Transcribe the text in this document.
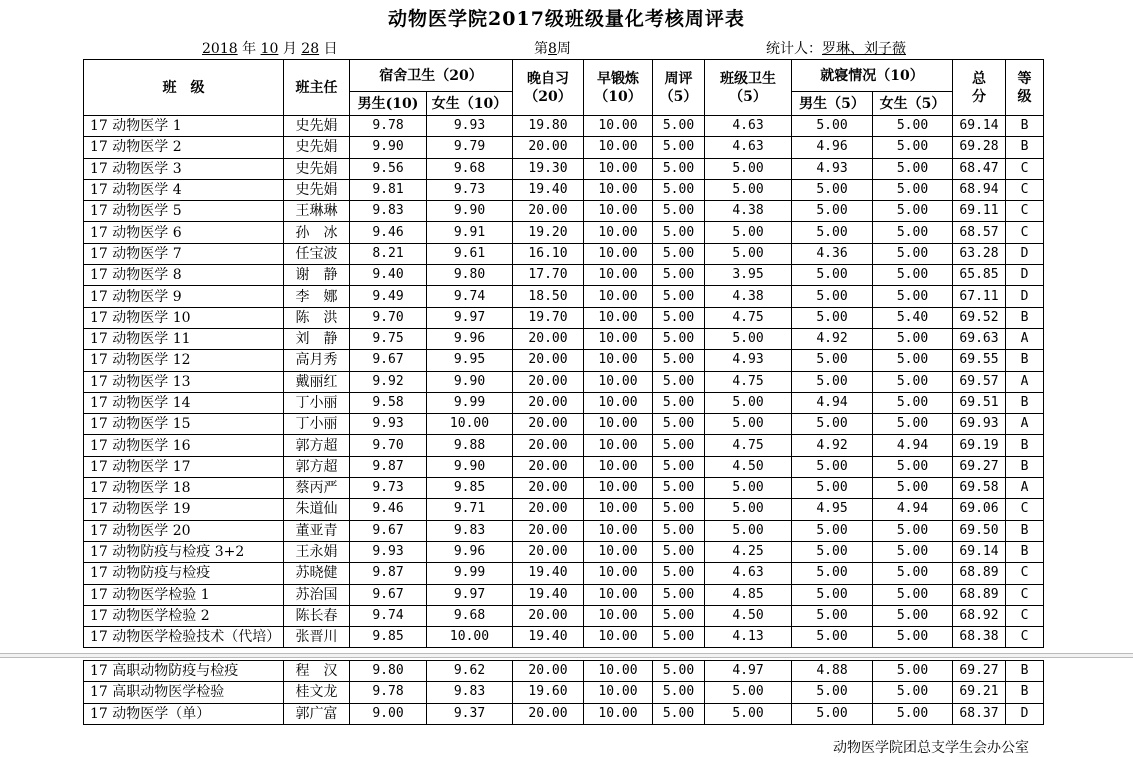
动物医学院2017级班级量化考核周评表
2018 年 10 月 28 日	第8周	统计人：罗琳、刘子薇
班　级	班主任	宿舍卫生（20）		晚自习（20）	早锻炼（10）	周评（5）	班级卫生（5）	就寝情况（10）		总分	等级
		男生(10)	女生（10）					男生（5）	女生（5）		
17 动物医学 1	史先娟	9.78	9.93	19.80	10.00	5.00	4.63	5.00	5.00	69.14	B
17 动物医学 2	史先娟	9.90	9.79	20.00	10.00	5.00	4.63	4.96	5.00	69.28	B
17 动物医学 3	史先娟	9.56	9.68	19.30	10.00	5.00	5.00	4.93	5.00	68.47	C
17 动物医学 4	史先娟	9.81	9.73	19.40	10.00	5.00	5.00	5.00	5.00	68.94	C
17 动物医学 5	王琳琳	9.83	9.90	20.00	10.00	5.00	4.38	5.00	5.00	69.11	C
17 动物医学 6	孙　冰	9.46	9.91	19.20	10.00	5.00	5.00	5.00	5.00	68.57	C
17 动物医学 7	任宝波	8.21	9.61	16.10	10.00	5.00	5.00	4.36	5.00	63.28	D
17 动物医学 8	谢　静	9.40	9.80	17.70	10.00	5.00	3.95	5.00	5.00	65.85	D
17 动物医学 9	李　娜	9.49	9.74	18.50	10.00	5.00	4.38	5.00	5.00	67.11	D
17 动物医学 10	陈　洪	9.70	9.97	19.70	10.00	5.00	4.75	5.00	5.40	69.52	B
17 动物医学 11	刘　静	9.75	9.96	20.00	10.00	5.00	5.00	4.92	5.00	69.63	A
17 动物医学 12	高月秀	9.67	9.95	20.00	10.00	5.00	4.93	5.00	5.00	69.55	B
17 动物医学 13	戴丽红	9.92	9.90	20.00	10.00	5.00	4.75	5.00	5.00	69.57	A
17 动物医学 14	丁小丽	9.58	9.99	20.00	10.00	5.00	5.00	4.94	5.00	69.51	B
17 动物医学 15	丁小丽	9.93	10.00	20.00	10.00	5.00	5.00	5.00	5.00	69.93	A
17 动物医学 16	郭方超	9.70	9.88	20.00	10.00	5.00	4.75	4.92	4.94	69.19	B
17 动物医学 17	郭方超	9.87	9.90	20.00	10.00	5.00	4.50	5.00	5.00	69.27	B
17 动物医学 18	蔡丙严	9.73	9.85	20.00	10.00	5.00	5.00	5.00	5.00	69.58	A
17 动物医学 19	朱道仙	9.46	9.71	20.00	10.00	5.00	5.00	4.95	4.94	69.06	C
17 动物医学 20	董亚青	9.67	9.83	20.00	10.00	5.00	5.00	5.00	5.00	69.50	B
17 动物防疫与检疫 3+2	王永娟	9.93	9.96	20.00	10.00	5.00	4.25	5.00	5.00	69.14	B
17 动物防疫与检疫	苏晓健	9.87	9.99	19.40	10.00	5.00	4.63	5.00	5.00	68.89	C
17 动物医学检验 1	苏治国	9.67	9.97	19.40	10.00	5.00	4.85	5.00	5.00	68.89	C
17 动物医学检验 2	陈长春	9.74	9.68	20.00	10.00	5.00	4.50	5.00	5.00	68.92	C
17 动物医学检验技术（代培）	张晋川	9.85	10.00	19.40	10.00	5.00	4.13	5.00	5.00	68.38	C
17 高职动物防疫与检疫	程　汉	9.80	9.62	20.00	10.00	5.00	4.97	4.88	5.00	69.27	B
17 高职动物医学检验	桂文龙	9.78	9.83	19.60	10.00	5.00	5.00	5.00	5.00	69.21	B
17 动物医学（单）	郭广富	9.00	9.37	20.00	10.00	5.00	5.00	5.00	5.00	68.37	D
动物医学院团总支学生会办公室
